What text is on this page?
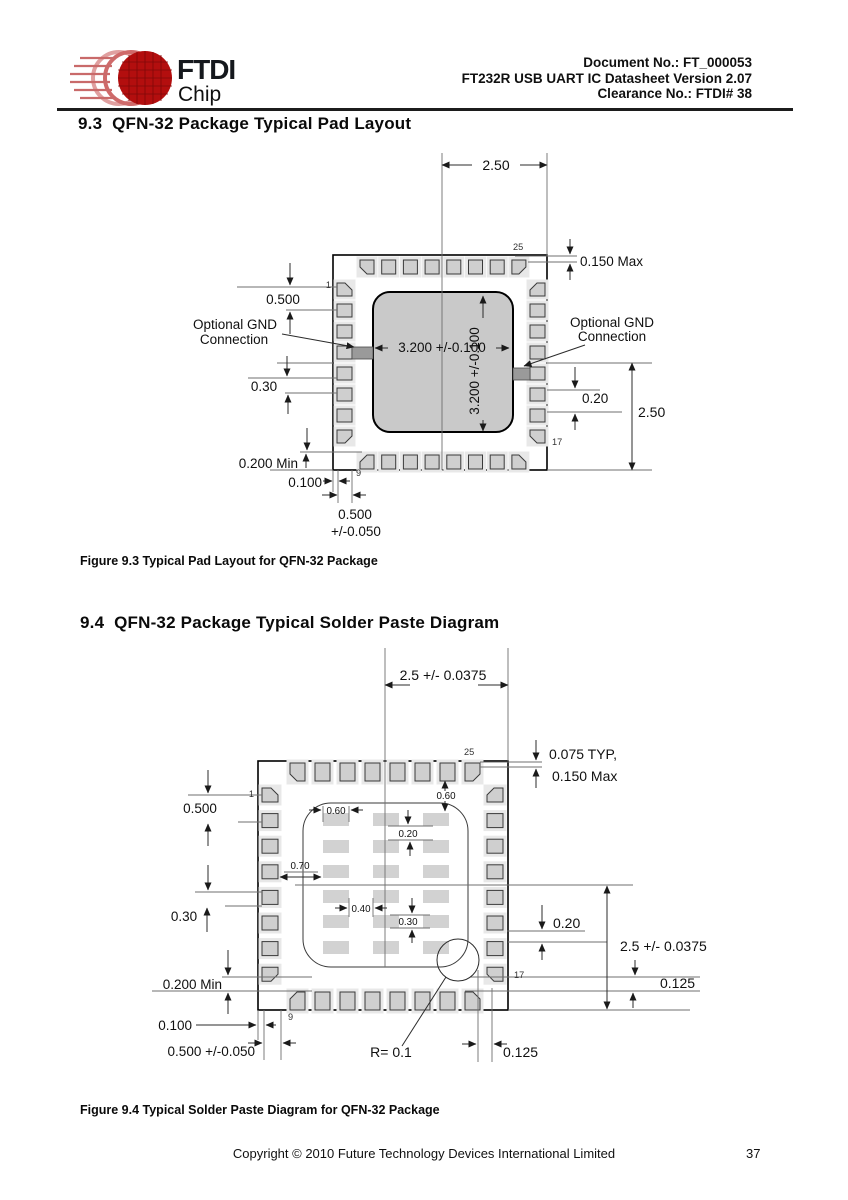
FTDI
Chip
Document No.: FT_000053
FT232R USB UART IC Datasheet Version 2.07
Clearance No.: FTDI# 38
9.3  QFN-32 Package Typical Pad Layout
2.50
0.150 Max
0.500
Optional GND
Connection
Optional GND
Connection
3.200 +/-0.100
3.200 +/-0.100
0.30
0.20
2.50
0.200 Min
0.100
0.500
+/-0.050
1
25
17
9
Figure 9.3 Typical Pad Layout for QFN-32 Package
9.4  QFN-32 Package Typical Solder Paste Diagram
2.5 +/- 0.0375
0.075 TYP,
0.150 Max
0.500
0.60
0.60
0.20
0.70
0.40
0.30
0.30	0.20
2.5 +/- 0.0375
0.125
0.200 Min
0.100
0.500 +/-0.050	R= 0.1	0.125
1
25
17
9
Figure 9.4 Typical Solder Paste Diagram for QFN-32 Package
Copyright © 2010 Future Technology Devices International Limited	37
